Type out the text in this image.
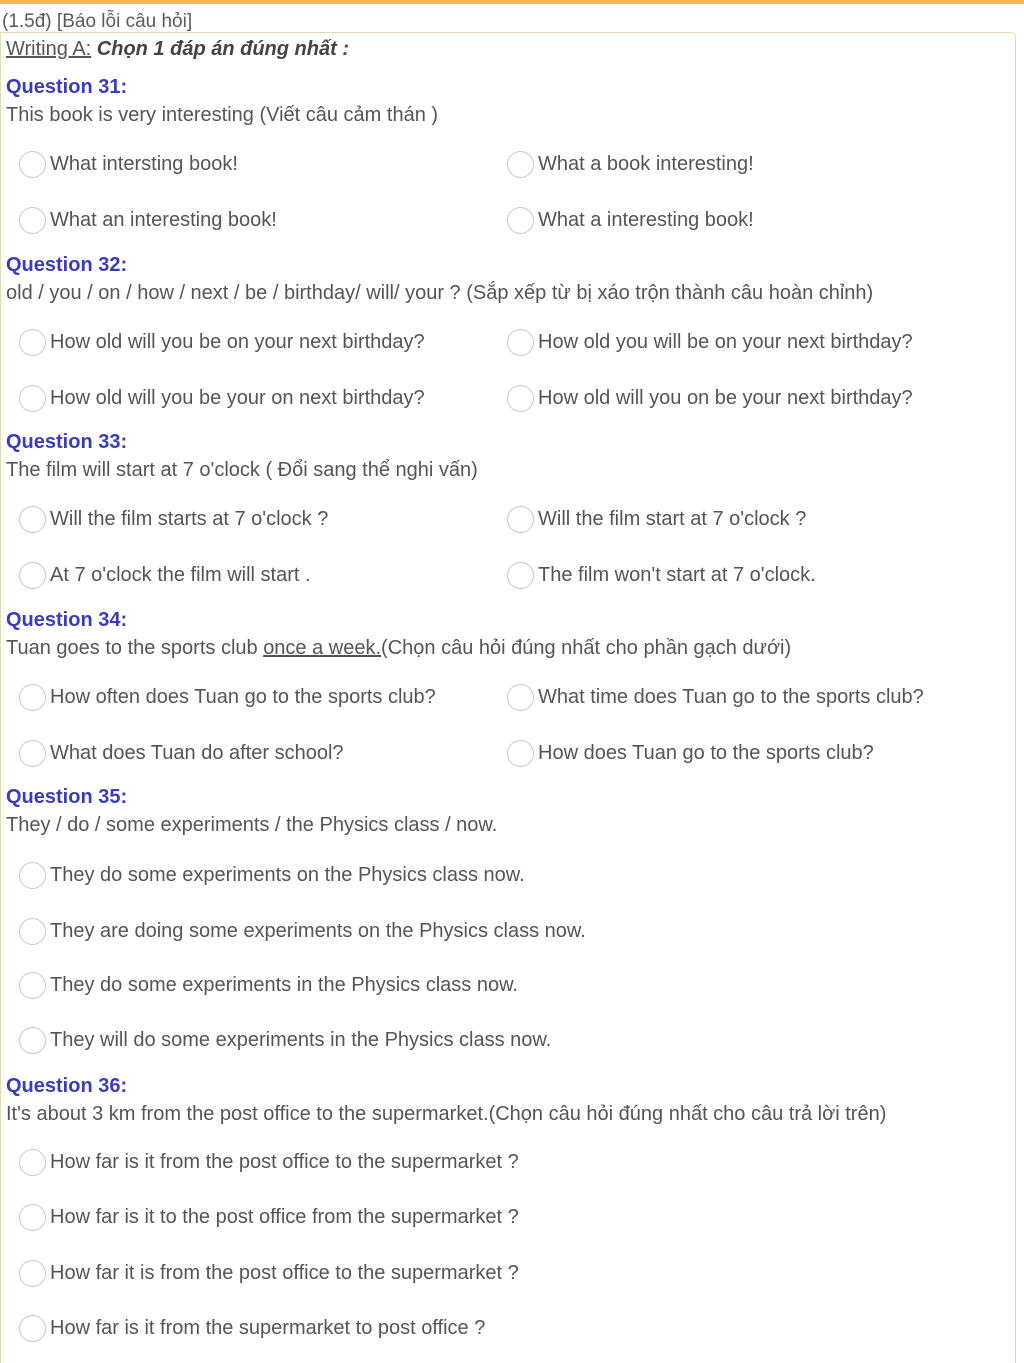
(1.5đ) [Báo lỗi câu hỏi]
Writing A: Chọn 1 đáp án đúng nhất :
Question 31:
This book is very interesting (Viết câu cảm thán )
What intersting book!	What a book interesting!
What an interesting book!	What a interesting book!
Question 32:
old / you / on / how / next / be / birthday/ will/ your ? (Sắp xếp từ bị xáo trộn thành câu hoàn chỉnh)
How old will you be on your next birthday?	How old you will be on your next birthday?
How old will you be your on next birthday?	How old will you on be your next birthday?
Question 33:
The film will start at 7 o'clock ( Đổi sang thể nghi vấn)
Will the film starts at 7 o'clock ?	Will the film start at 7 o'clock ?
At 7 o'clock the film will start .	The film won't start at 7 o'clock.
Question 34:
Tuan goes to the sports club once a week.(Chọn câu hỏi đúng nhất cho phần gạch dưới)
How often does Tuan go to the sports club?	What time does Tuan go to the sports club?
What does Tuan do after school?	How does Tuan go to the sports club?
Question 35:
They / do / some experiments / the Physics class / now.
They do some experiments on the Physics class now.
They are doing some experiments on the Physics class now.
They do some experiments in the Physics class now.
They will do some experiments in the Physics class now.
Question 36:
It's about 3 km from the post office to the supermarket.(Chọn câu hỏi đúng nhất cho câu trả lời trên)
How far is it from the post office to the supermarket ?
How far is it to the post office from the supermarket ?
How far it is from the post office to the supermarket ?
How far is it from the supermarket to post office ?
